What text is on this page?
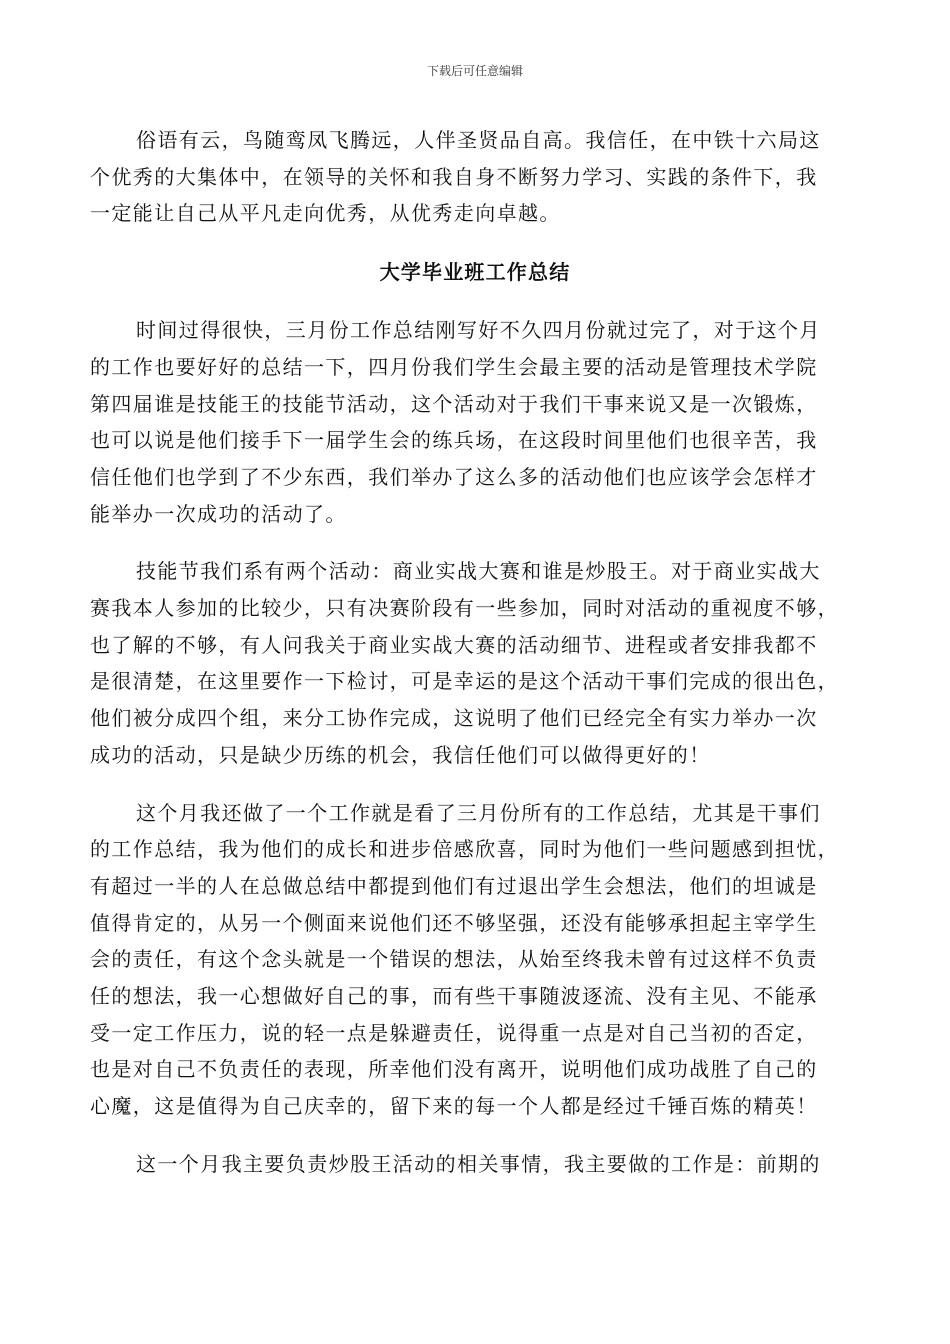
下载后可任意编辑
俗语有云，鸟随鸾凤飞腾远，人伴圣贤品自高。我信任，在中铁十六局这
个优秀的大集体中，在领导的关怀和我自身不断努力学习、实践的条件下，我
一定能让自己从平凡走向优秀，从优秀走向卓越。
大学毕业班工作总结
时间过得很快，三月份工作总结刚写好不久四月份就过完了，对于这个月
的工作也要好好的总结一下，四月份我们学生会最主要的活动是管理技术学院
第四届谁是技能王的技能节活动，这个活动对于我们干事来说又是一次锻炼，
也可以说是他们接手下一届学生会的练兵场，在这段时间里他们也很辛苦，我
信任他们也学到了不少东西，我们举办了这么多的活动他们也应该学会怎样才
能举办一次成功的活动了。
技能节我们系有两个活动：商业实战大赛和谁是炒股王。对于商业实战大
赛我本人参加的比较少，只有决赛阶段有一些参加，同时对活动的重视度不够，
也了解的不够，有人问我关于商业实战大赛的活动细节、进程或者安排我都不
是很清楚，在这里要作一下检讨，可是幸运的是这个活动干事们完成的很出色，
他们被分成四个组，来分工协作完成，这说明了他们已经完全有实力举办一次
成功的活动，只是缺少历练的机会，我信任他们可以做得更好的！
这个月我还做了一个工作就是看了三月份所有的工作总结，尤其是干事们
的工作总结，我为他们的成长和进步倍感欣喜，同时为他们一些问题感到担忧，
有超过一半的人在总做总结中都提到他们有过退出学生会想法，他们的坦诚是
值得肯定的，从另一个侧面来说他们还不够坚强，还没有能够承担起主宰学生
会的责任，有这个念头就是一个错误的想法，从始至终我未曾有过这样不负责
任的想法，我一心想做好自己的事，而有些干事随波逐流、没有主见、不能承
受一定工作压力，说的轻一点是躲避责任，说得重一点是对自己当初的否定，
也是对自己不负责任的表现，所幸他们没有离开，说明他们成功战胜了自己的
心魔，这是值得为自己庆幸的，留下来的每一个人都是经过千锤百炼的精英！
这一个月我主要负责炒股王活动的相关事情，我主要做的工作是：前期的
